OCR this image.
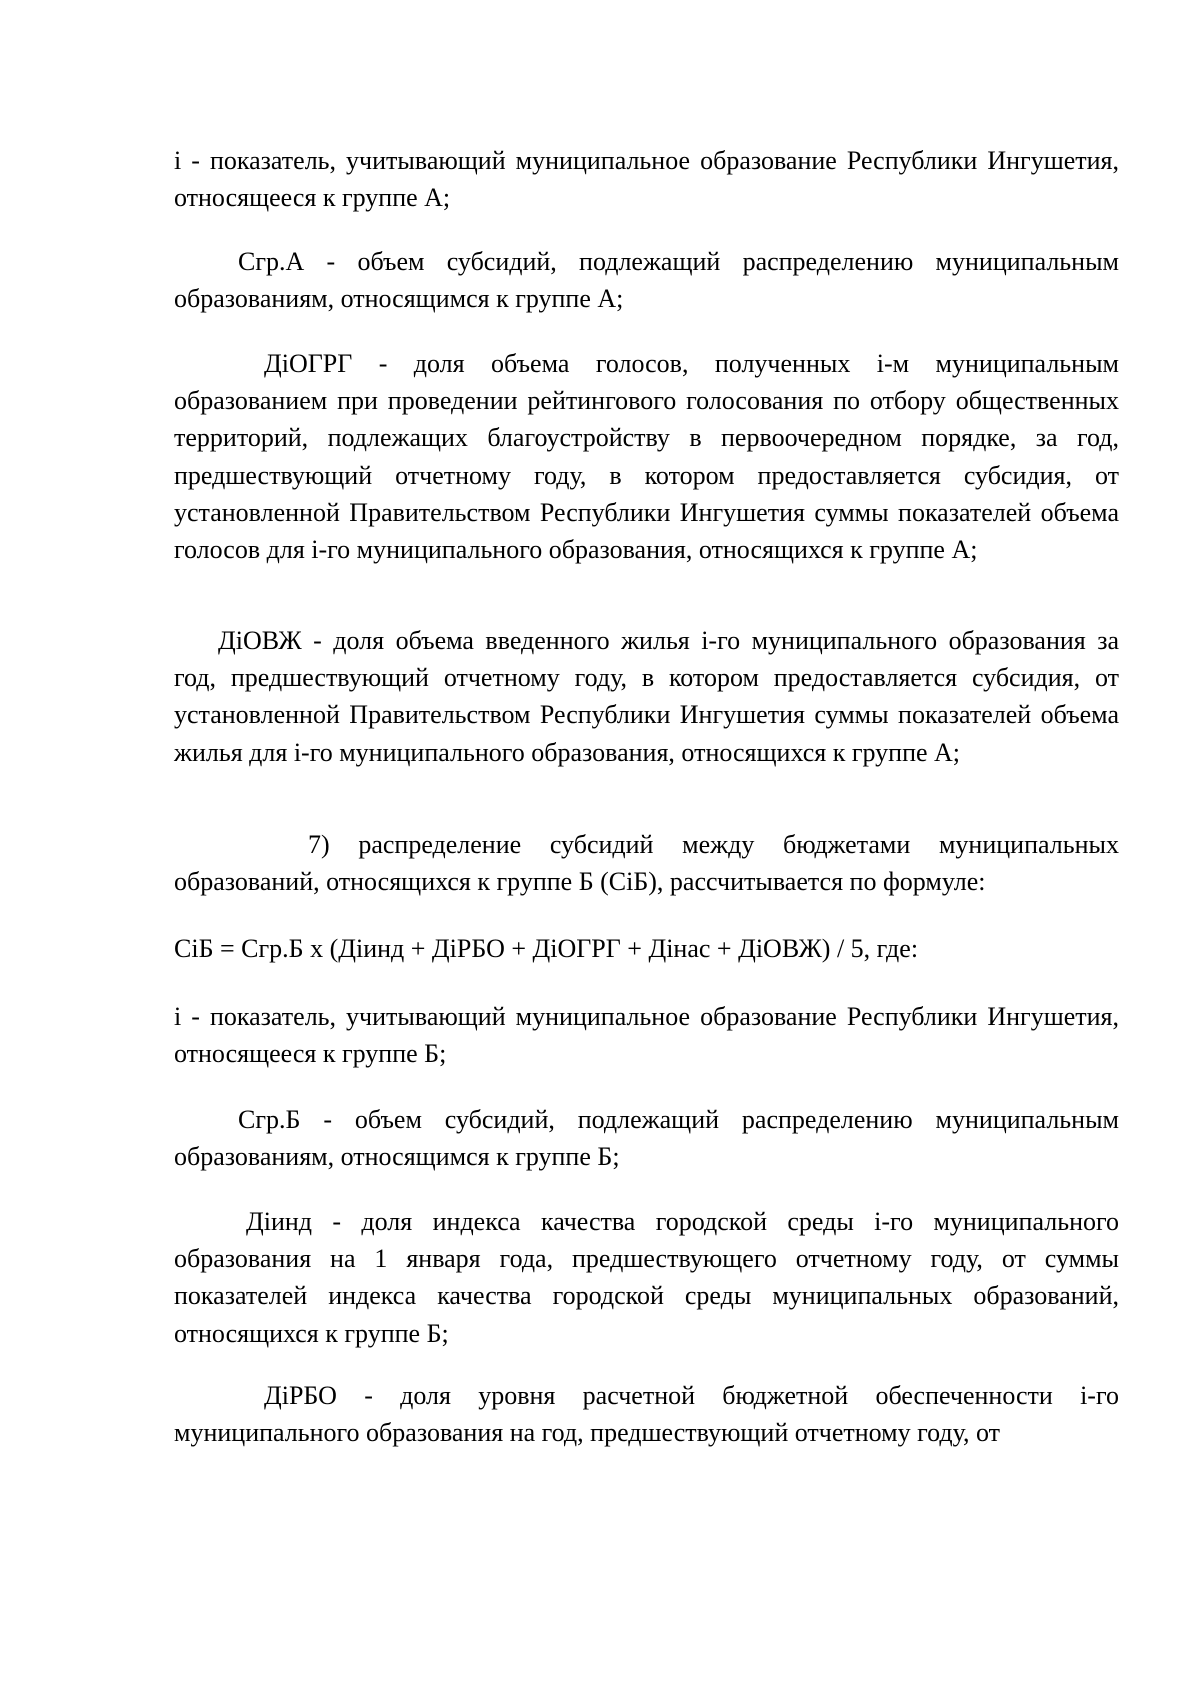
i - показатель, учитывающий муниципальное образование Республики Ингушетия, относящееся к группе А;

Сгр.А - объем субсидий, подлежащий распределению муниципальным образованиям, относящимся к группе А;

ДiОГРГ - доля объема голосов, полученных i-м муниципальным образованием при проведении рейтингового голосования по отбору общественных территорий, подлежащих благоустройству в первоочередном порядке, за год, предшествующий отчетному году, в котором предоставляется субсидия, от установленной Правительством Республики Ингушетия суммы показателей объема голосов для i-го муниципального образования, относящихся к группе А;

ДiОВЖ - доля объема введенного жилья i-го муниципального образования за год, предшествующий отчетному году, в котором предоставляется субсидия, от установленной Правительством Республики Ингушетия суммы показателей объема жилья для i-го муниципального образования, относящихся к группе А;

7) распределение субсидий между бюджетами муниципальных образований, относящихся к группе Б (СiБ), рассчитывается по формуле:

СiБ = Сгр.Б х (Дiинд + ДiРБО + ДiОГРГ + Дiнас + ДiОВЖ) / 5, где:

i - показатель, учитывающий муниципальное образование Республики Ингушетия, относящееся к группе Б;

Сгр.Б - объем субсидий, подлежащий распределению муниципальным образованиям, относящимся к группе Б;

Дiинд - доля индекса качества городской среды i-го муниципального образования на 1 января года, предшествующего отчетному году, от суммы показателей индекса качества городской среды муниципальных образований, относящихся к группе Б;

ДiРБО - доля уровня расчетной бюджетной обеспеченности i-го муниципального образования на год, предшествующий отчетному году, от
